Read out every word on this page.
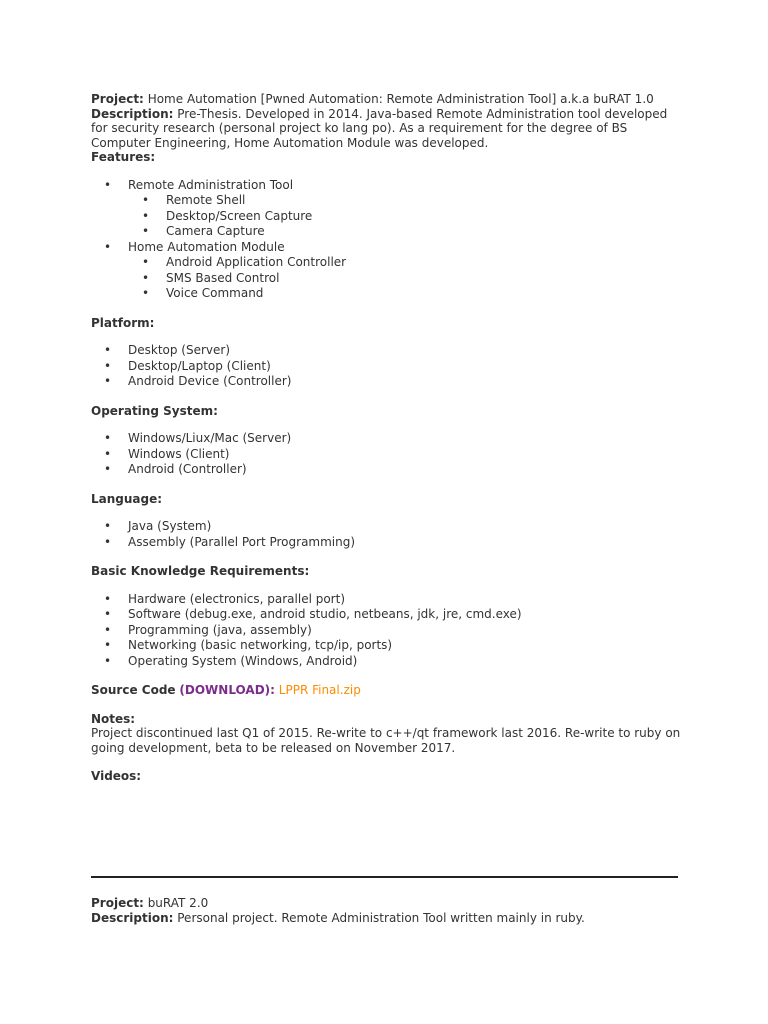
Project: Home Automation [Pwned Automation: Remote Administration Tool] a.k.a buRAT 1.0

Description: Pre-Thesis. Developed in 2014. Java-based Remote Administration tool developed for security research (personal project ko lang po). As a requirement for the degree of BS Computer Engineering, Home Automation Module was developed.

Features:

• Remote Administration Tool
• Remote Shell
• Desktop/Screen Capture
• Camera Capture
• Home Automation Module
• Android Application Controller
• SMS Based Control
• Voice Command

Platform:

• Desktop (Server)
• Desktop/Laptop (Client)
• Android Device (Controller)

Operating System:

• Windows/Liux/Mac (Server)
• Windows (Client)
• Android (Controller)

Language:

• Java (System)
• Assembly (Parallel Port Programming)

Basic Knowledge Requirements:

• Hardware (electronics, parallel port)
• Software (debug.exe, android studio, netbeans, jdk, jre, cmd.exe)
• Programming (java, assembly)
• Networking (basic networking, tcp/ip, ports)
• Operating System (Windows, Android)

Source Code (DOWNLOAD): LPPR Final.zip

Notes:

Project discontinued last Q1 of 2015. Re-write to c++/qt framework last 2016. Re-write to ruby on going development, beta to be released on November 2017.

Videos:

Project: buRAT 2.0

Description: Personal project. Remote Administration Tool written mainly in ruby.
